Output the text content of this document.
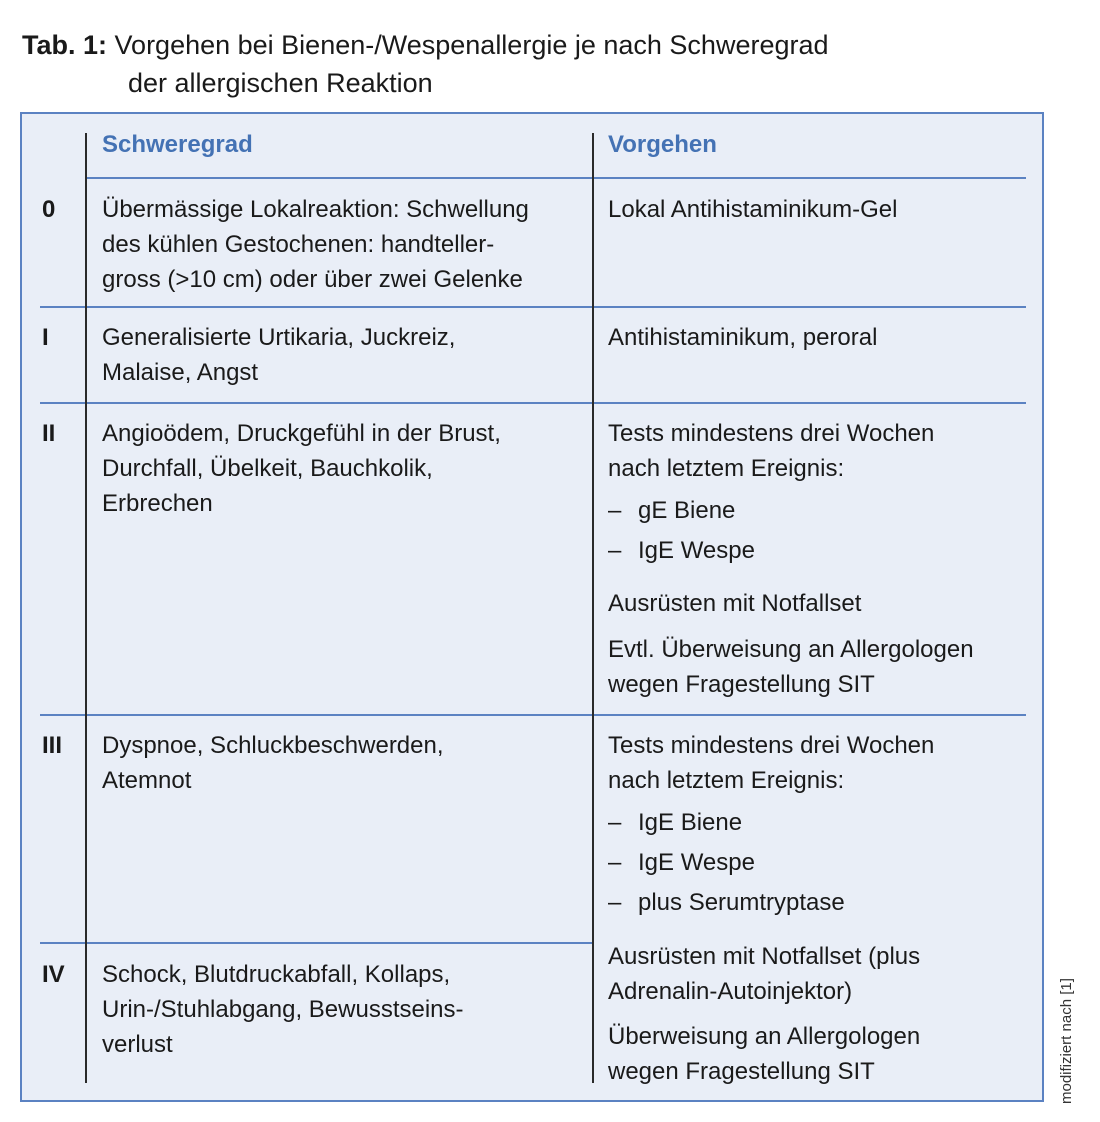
Tab. 1: Vorgehen bei Bienen-/Wespenallergie je nach Schweregrad
der allergischen Reaktion
Schweregrad	Vorgehen
0 Übermässige Lokalreaktion: Schwellung
des kühlen Gestochenen: handteller-
gross (>10 cm) oder über zwei Gelenke
Lokal Antihistaminikum-Gel
I Generalisierte Urtikaria, Juckreiz,
Malaise, Angst
Antihistaminikum, peroral
II Angioödem, Druckgefühl in der Brust,
Durchfall, Übelkeit, Bauchkolik,
Erbrechen
Tests mindestens drei Wochen
nach letztem Ereignis:
– gE Biene
– IgE Wespe
Ausrüsten mit Notfallset
Evtl. Überweisung an Allergologen
wegen Fragestellung SIT
III Dyspnoe, Schluckbeschwerden,
Atemnot
Tests mindestens drei Wochen
nach letztem Ereignis:
– IgE Biene
– IgE Wespe
– plus Serumtryptase
Ausrüsten mit Notfallset (plus
Adrenalin-Autoinjektor)
Überweisung an Allergologen
wegen Fragestellung SIT
IV Schock, Blutdruckabfall, Kollaps,
Urin-/Stuhlabgang, Bewusstseins-
verlust	modifiziert nach [1]
